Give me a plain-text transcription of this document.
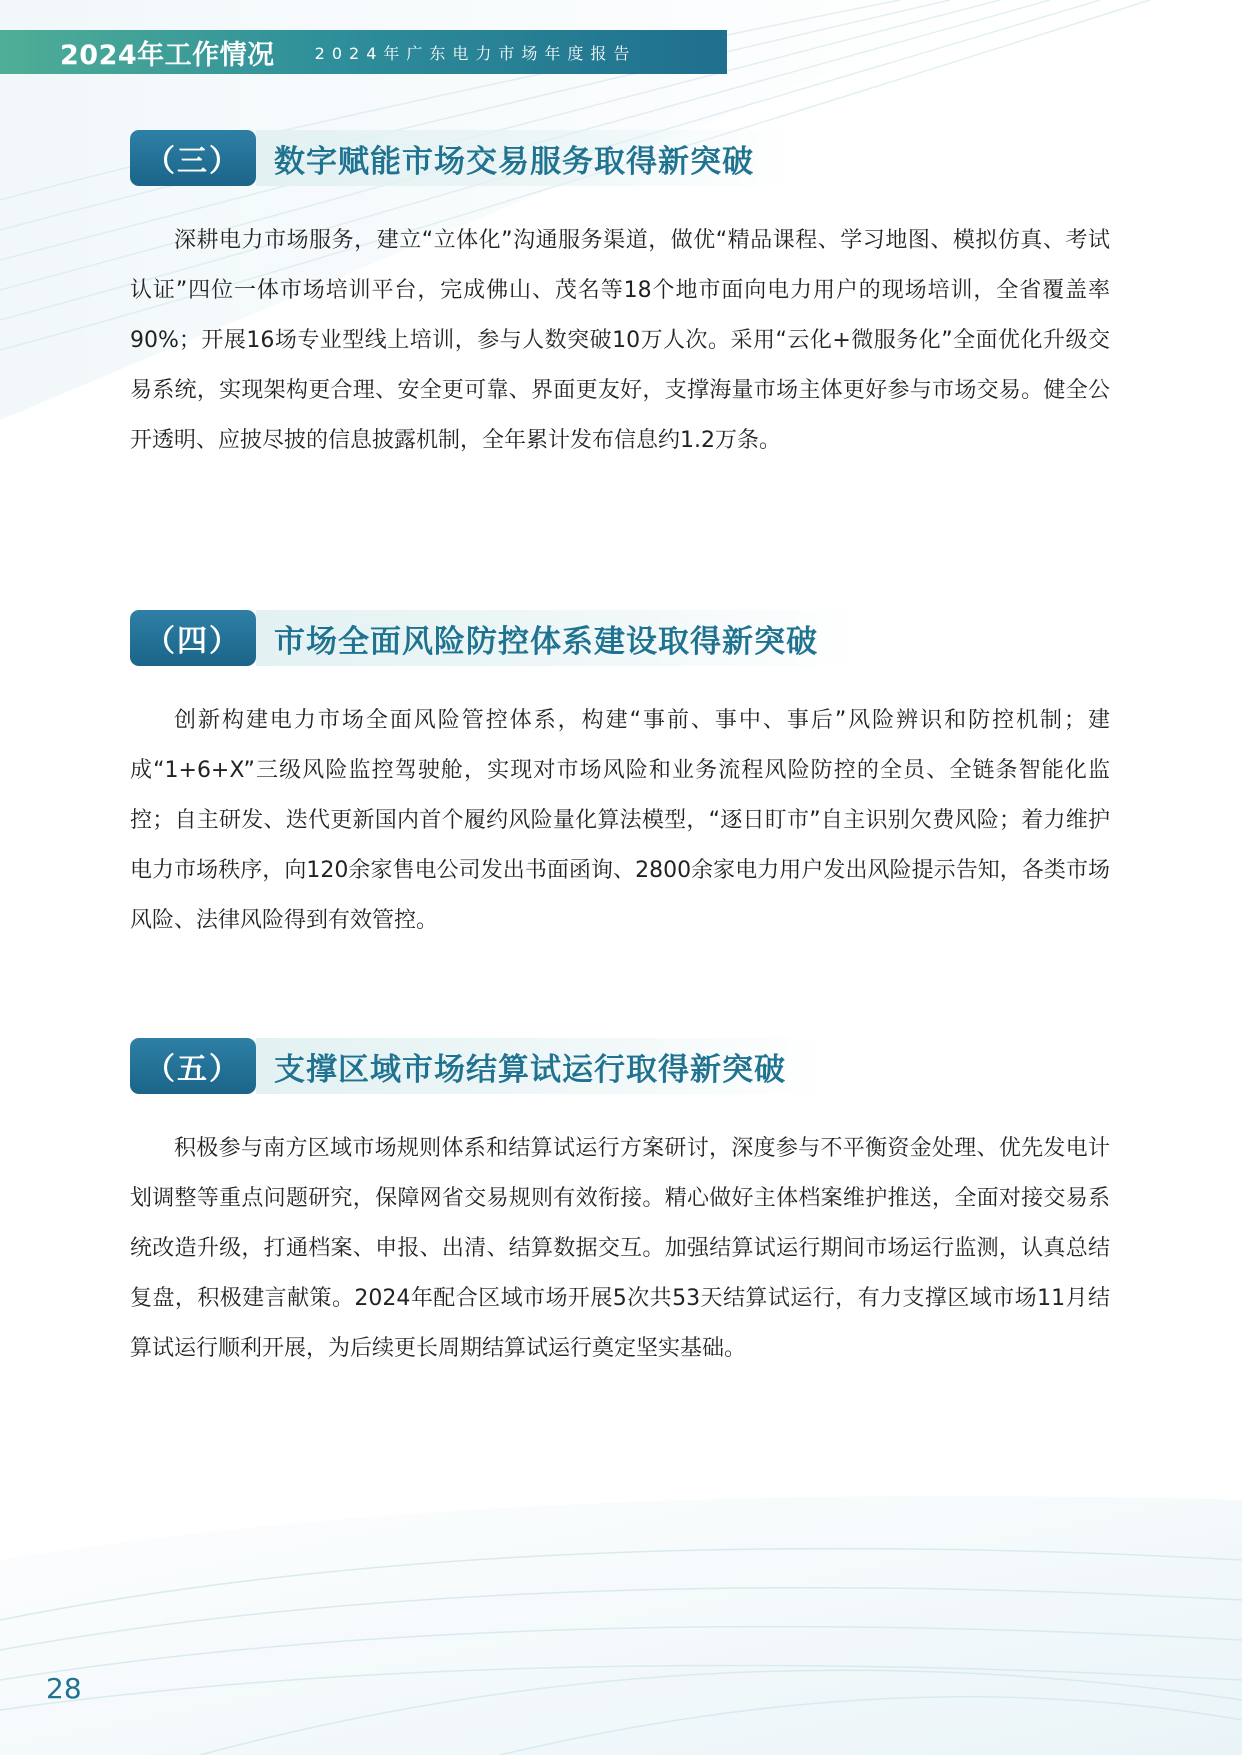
2024年工作情况	2024年广东电力市场年度报告
（三）	数字赋能市场交易服务取得新突破

深耕电力市场服务，建立“立体化”沟通服务渠道，做优“精品课程、学习地图、模拟仿真、考试认证”四位一体市场培训平台，完成佛山、茂名等18个地市面向电力用户的现场培训，全省覆盖率90%；开展16场专业型线上培训，参与人数突破10万人次。采用“云化+微服务化”全面优化升级交易系统，实现架构更合理、安全更可靠、界面更友好，支撑海量市场主体更好参与市场交易。健全公开透明、应披尽披的信息披露机制，全年累计发布信息约1.2万条。

（四）	市场全面风险防控体系建设取得新突破

创新构建电力市场全面风险管控体系，构建“事前、事中、事后”风险辨识和防控机制；建成“1+6+X”三级风险监控驾驶舱，实现对市场风险和业务流程风险防控的全员、全链条智能化监控；自主研发、迭代更新国内首个履约风险量化算法模型，“逐日盯市”自主识别欠费风险；着力维护电力市场秩序，向120余家售电公司发出书面函询、2800余家电力用户发出风险提示告知，各类市场风险、法律风险得到有效管控。

（五）	支撑区域市场结算试运行取得新突破

积极参与南方区域市场规则体系和结算试运行方案研讨，深度参与不平衡资金处理、优先发电计划调整等重点问题研究，保障网省交易规则有效衔接。精心做好主体档案维护推送，全面对接交易系统改造升级，打通档案、申报、出清、结算数据交互。加强结算试运行期间市场运行监测，认真总结复盘，积极建言献策。2024年配合区域市场开展5次共53天结算试运行，有力支撑区域市场11月结算试运行顺利开展，为后续更长周期结算试运行奠定坚实基础。

28
